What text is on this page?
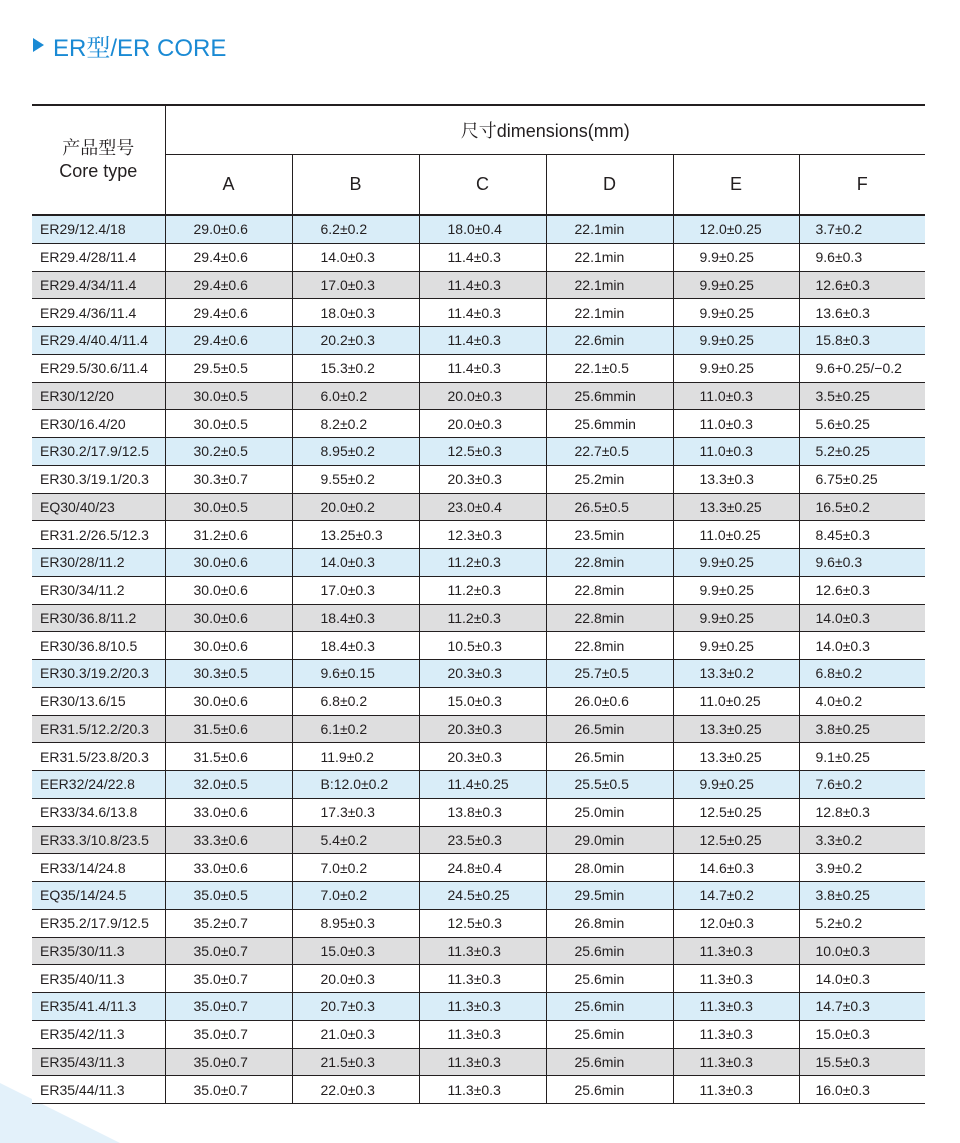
ER型/ER CORE
产品型号
Core type	尺寸dimensions(mm)					
	A	B	C	D	E	F
ER29/12.4/18	29.0±0.6	6.2±0.2	18.0±0.4	22.1min	12.0±0.25	3.7±0.2
ER29.4/28/11.4	29.4±0.6	14.0±0.3	11.4±0.3	22.1min	9.9±0.25	9.6±0.3
ER29.4/34/11.4	29.4±0.6	17.0±0.3	11.4±0.3	22.1min	9.9±0.25	12.6±0.3
ER29.4/36/11.4	29.4±0.6	18.0±0.3	11.4±0.3	22.1min	9.9±0.25	13.6±0.3
ER29.4/40.4/11.4	29.4±0.6	20.2±0.3	11.4±0.3	22.6min	9.9±0.25	15.8±0.3
ER29.5/30.6/11.4	29.5±0.5	15.3±0.2	11.4±0.3	22.1±0.5	9.9±0.25	9.6+0.25/−0.2
ER30/12/20	30.0±0.5	6.0±0.2	20.0±0.3	25.6mmin	11.0±0.3	3.5±0.25
ER30/16.4/20	30.0±0.5	8.2±0.2	20.0±0.3	25.6mmin	11.0±0.3	5.6±0.25
ER30.2/17.9/12.5	30.2±0.5	8.95±0.2	12.5±0.3	22.7±0.5	11.0±0.3	5.2±0.25
ER30.3/19.1/20.3	30.3±0.7	9.55±0.2	20.3±0.3	25.2min	13.3±0.3	6.75±0.25
EQ30/40/23	30.0±0.5	20.0±0.2	23.0±0.4	26.5±0.5	13.3±0.25	16.5±0.2
ER31.2/26.5/12.3	31.2±0.6	13.25±0.3	12.3±0.3	23.5min	11.0±0.25	8.45±0.3
ER30/28/11.2	30.0±0.6	14.0±0.3	11.2±0.3	22.8min	9.9±0.25	9.6±0.3
ER30/34/11.2	30.0±0.6	17.0±0.3	11.2±0.3	22.8min	9.9±0.25	12.6±0.3
ER30/36.8/11.2	30.0±0.6	18.4±0.3	11.2±0.3	22.8min	9.9±0.25	14.0±0.3
ER30/36.8/10.5	30.0±0.6	18.4±0.3	10.5±0.3	22.8min	9.9±0.25	14.0±0.3
ER30.3/19.2/20.3	30.3±0.5	9.6±0.15	20.3±0.3	25.7±0.5	13.3±0.2	6.8±0.2
ER30/13.6/15	30.0±0.6	6.8±0.2	15.0±0.3	26.0±0.6	11.0±0.25	4.0±0.2
ER31.5/12.2/20.3	31.5±0.6	6.1±0.2	20.3±0.3	26.5min	13.3±0.25	3.8±0.25
ER31.5/23.8/20.3	31.5±0.6	11.9±0.2	20.3±0.3	26.5min	13.3±0.25	9.1±0.25
EER32/24/22.8	32.0±0.5	B:12.0±0.2	11.4±0.25	25.5±0.5	9.9±0.25	7.6±0.2
ER33/34.6/13.8	33.0±0.6	17.3±0.3	13.8±0.3	25.0min	12.5±0.25	12.8±0.3
ER33.3/10.8/23.5	33.3±0.6	5.4±0.2	23.5±0.3	29.0min	12.5±0.25	3.3±0.2
ER33/14/24.8	33.0±0.6	7.0±0.2	24.8±0.4	28.0min	14.6±0.3	3.9±0.2
EQ35/14/24.5	35.0±0.5	7.0±0.2	24.5±0.25	29.5min	14.7±0.2	3.8±0.25
ER35.2/17.9/12.5	35.2±0.7	8.95±0.3	12.5±0.3	26.8min	12.0±0.3	5.2±0.2
ER35/30/11.3	35.0±0.7	15.0±0.3	11.3±0.3	25.6min	11.3±0.3	10.0±0.3
ER35/40/11.3	35.0±0.7	20.0±0.3	11.3±0.3	25.6min	11.3±0.3	14.0±0.3
ER35/41.4/11.3	35.0±0.7	20.7±0.3	11.3±0.3	25.6min	11.3±0.3	14.7±0.3
ER35/42/11.3	35.0±0.7	21.0±0.3	11.3±0.3	25.6min	11.3±0.3	15.0±0.3
ER35/43/11.3	35.0±0.7	21.5±0.3	11.3±0.3	25.6min	11.3±0.3	15.5±0.3
ER35/44/11.3	35.0±0.7	22.0±0.3	11.3±0.3	25.6min	11.3±0.3	16.0±0.3
